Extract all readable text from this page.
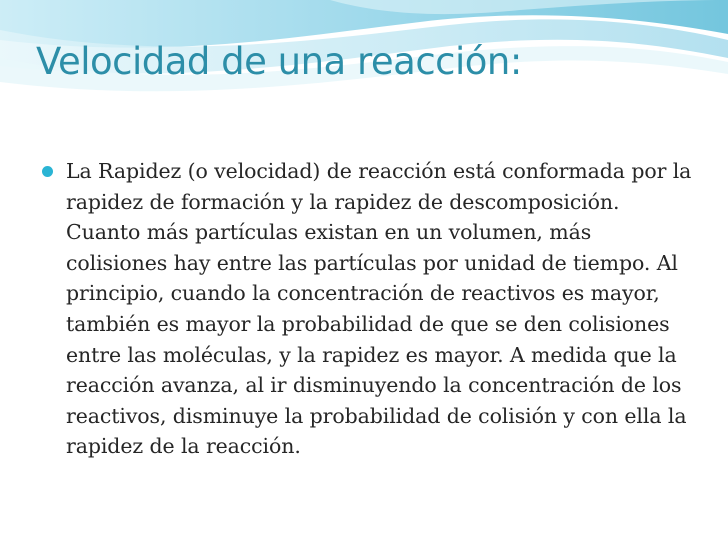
Velocidad de una reacción:

La Rapidez (o velocidad) de reacción está conformada por la rapidez de formación y la rapidez de descomposición. Cuanto más partículas existan en un volumen, más colisiones hay entre las partículas por unidad de tiempo. Al principio, cuando la concentración de reactivos es mayor, también es mayor la probabilidad de que se den colisiones entre las moléculas, y la rapidez es mayor. A medida que la reacción avanza, al ir disminuyendo la concentración de los reactivos, disminuye la probabilidad de colisión y con ella la rapidez de la reacción.
